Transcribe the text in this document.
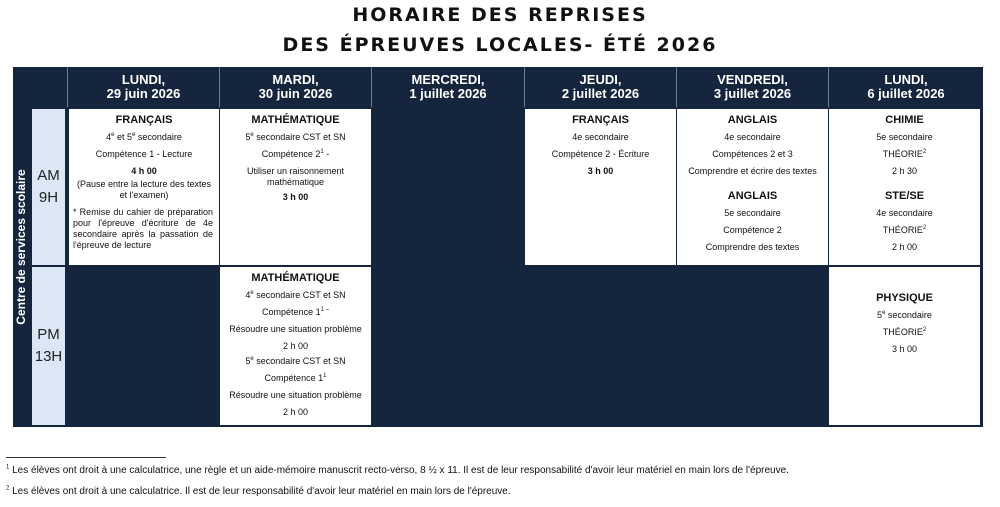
HORAIRE DES REPRISES
DES ÉPREUVES LOCALES- ÉTÉ 2026
Centre de services scolaire AM
9H
PM
13H
LUNDI,
29 juin 2026
MARDI,
30 juin 2026
MERCREDI,
1 juillet 2026
JEUDI,
2 juillet 2026
VENDREDI,
3 juillet 2026
LUNDI,
6 juillet 2026
FRANÇAIS
4e et 5e secondaire
Compétence 1 - Lecture
4 h 00
(Pause entre la lecture des textes et l'examen)
* Remise du cahier de préparation pour l'épreuve d'écriture de 4e secondaire après la passation de l'épreuve de lecture
MATHÉMATIQUE
5e secondaire CST et SN
Compétence $2^1$ -
Utiliser un raisonnement mathématique
3 h 00
MATHÉMATIQUE
4e secondaire CST et SN
Compétence $1^{1 -}$
Résoudre une situation problème
2 h 00
5e secondaire CST et SN
Compétence $1^1$
Résoudre une situation problème
2 h 00
FRANÇAIS
4e secondaire
Compétence 2 - Écriture
3 h 00
ANGLAIS
4e secondaire
Compétences 2 et 3
Comprendre et écrire des textes
ANGLAIS
5e secondaire
Compétence 2
Comprendre des textes
CHIMIE
5e secondaire
THÉORIE$^2$
2 h 30
STE/SE
4e secondaire
THÉORIE$^2$
2 h 00
PHYSIQUE
5e secondaire
THÉORIE$^2$
3 h 00
$^1$ Les élèves ont droit à une calculatrice, une règle et un aide-mémoire manuscrit recto-verso, 8 ½ x 11. Il est de leur responsabilité d'avoir leur matériel en main lors de l'épreuve.
$^2$ Les élèves ont droit à une calculatrice. Il est de leur responsabilité d'avoir leur matériel en main lors de l'épreuve.
